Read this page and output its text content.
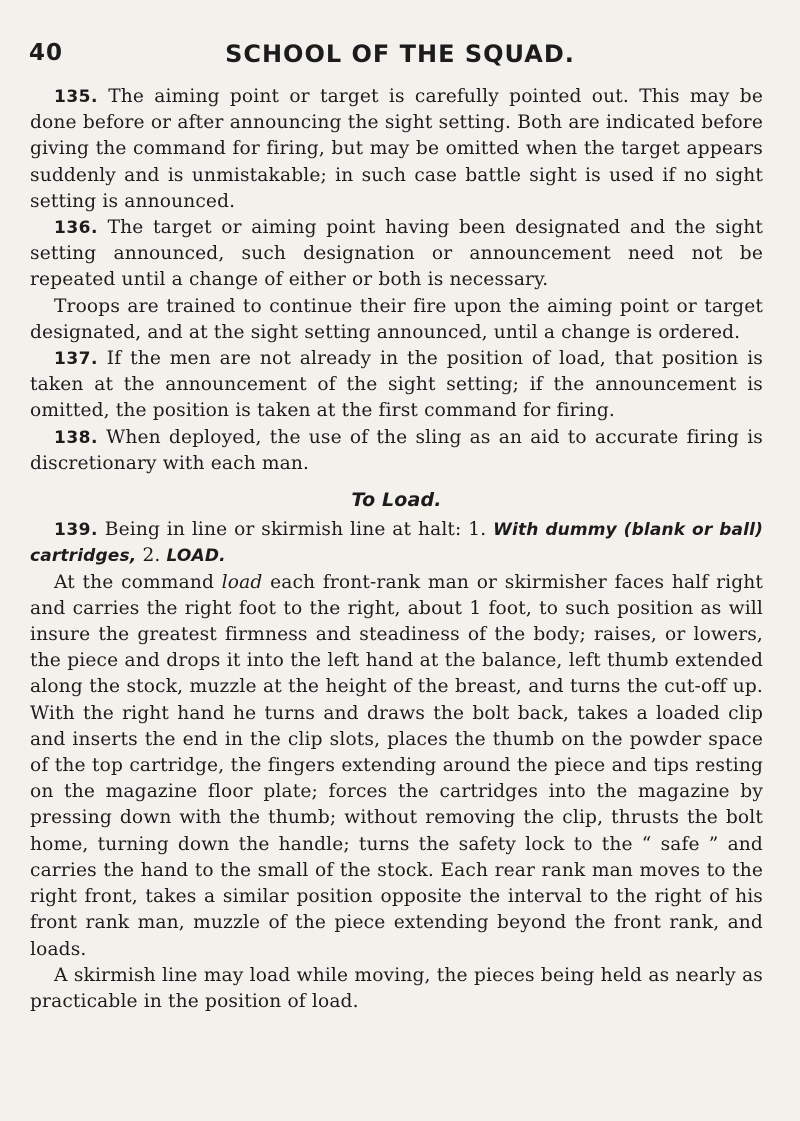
40	SCHOOL OF THE SQUAD.

135. The aiming point or target is carefully pointed out. This may be done before or after announcing the sight setting. Both are indicated before giving the command for firing, but may be omitted when the target appears suddenly and is unmistakable; in such case battle sight is used if no sight setting is announced.

136. The target or aiming point having been designated and the sight setting announced, such designation or announcement need not be repeated until a change of either or both is necessary.

Troops are trained to continue their fire upon the aiming point or target designated, and at the sight setting announced, until a change is ordered.

137. If the men are not already in the position of load, that position is taken at the announcement of the sight setting; if the announcement is omitted, the position is taken at the first command for firing.

138. When deployed, the use of the sling as an aid to accurate firing is discretionary with each man.

To Load.

139. Being in line or skirmish line at halt: 1. With dummy (blank or ball) cartridges, 2. LOAD.

At the command load each front-rank man or skirmisher faces half right and carries the right foot to the right, about 1 foot, to such position as will insure the greatest firmness and steadiness of the body; raises, or lowers, the piece and drops it into the left hand at the balance, left thumb extended along the stock, muzzle at the height of the breast, and turns the cut-off up. With the right hand he turns and draws the bolt back, takes a loaded clip and inserts the end in the clip slots, places the thumb on the powder space of the top cartridge, the fingers extending around the piece and tips resting on the magazine floor plate; forces the cartridges into the magazine by pressing down with the thumb; without removing the clip, thrusts the bolt home, turning down the handle; turns the safety lock to the “ safe ” and carries the hand to the small of the stock. Each rear rank man moves to the right front, takes a similar position opposite the interval to the right of his front rank man, muzzle of the piece extending beyond the front rank, and loads.

A skirmish line may load while moving, the pieces being held as nearly as practicable in the position of load.
